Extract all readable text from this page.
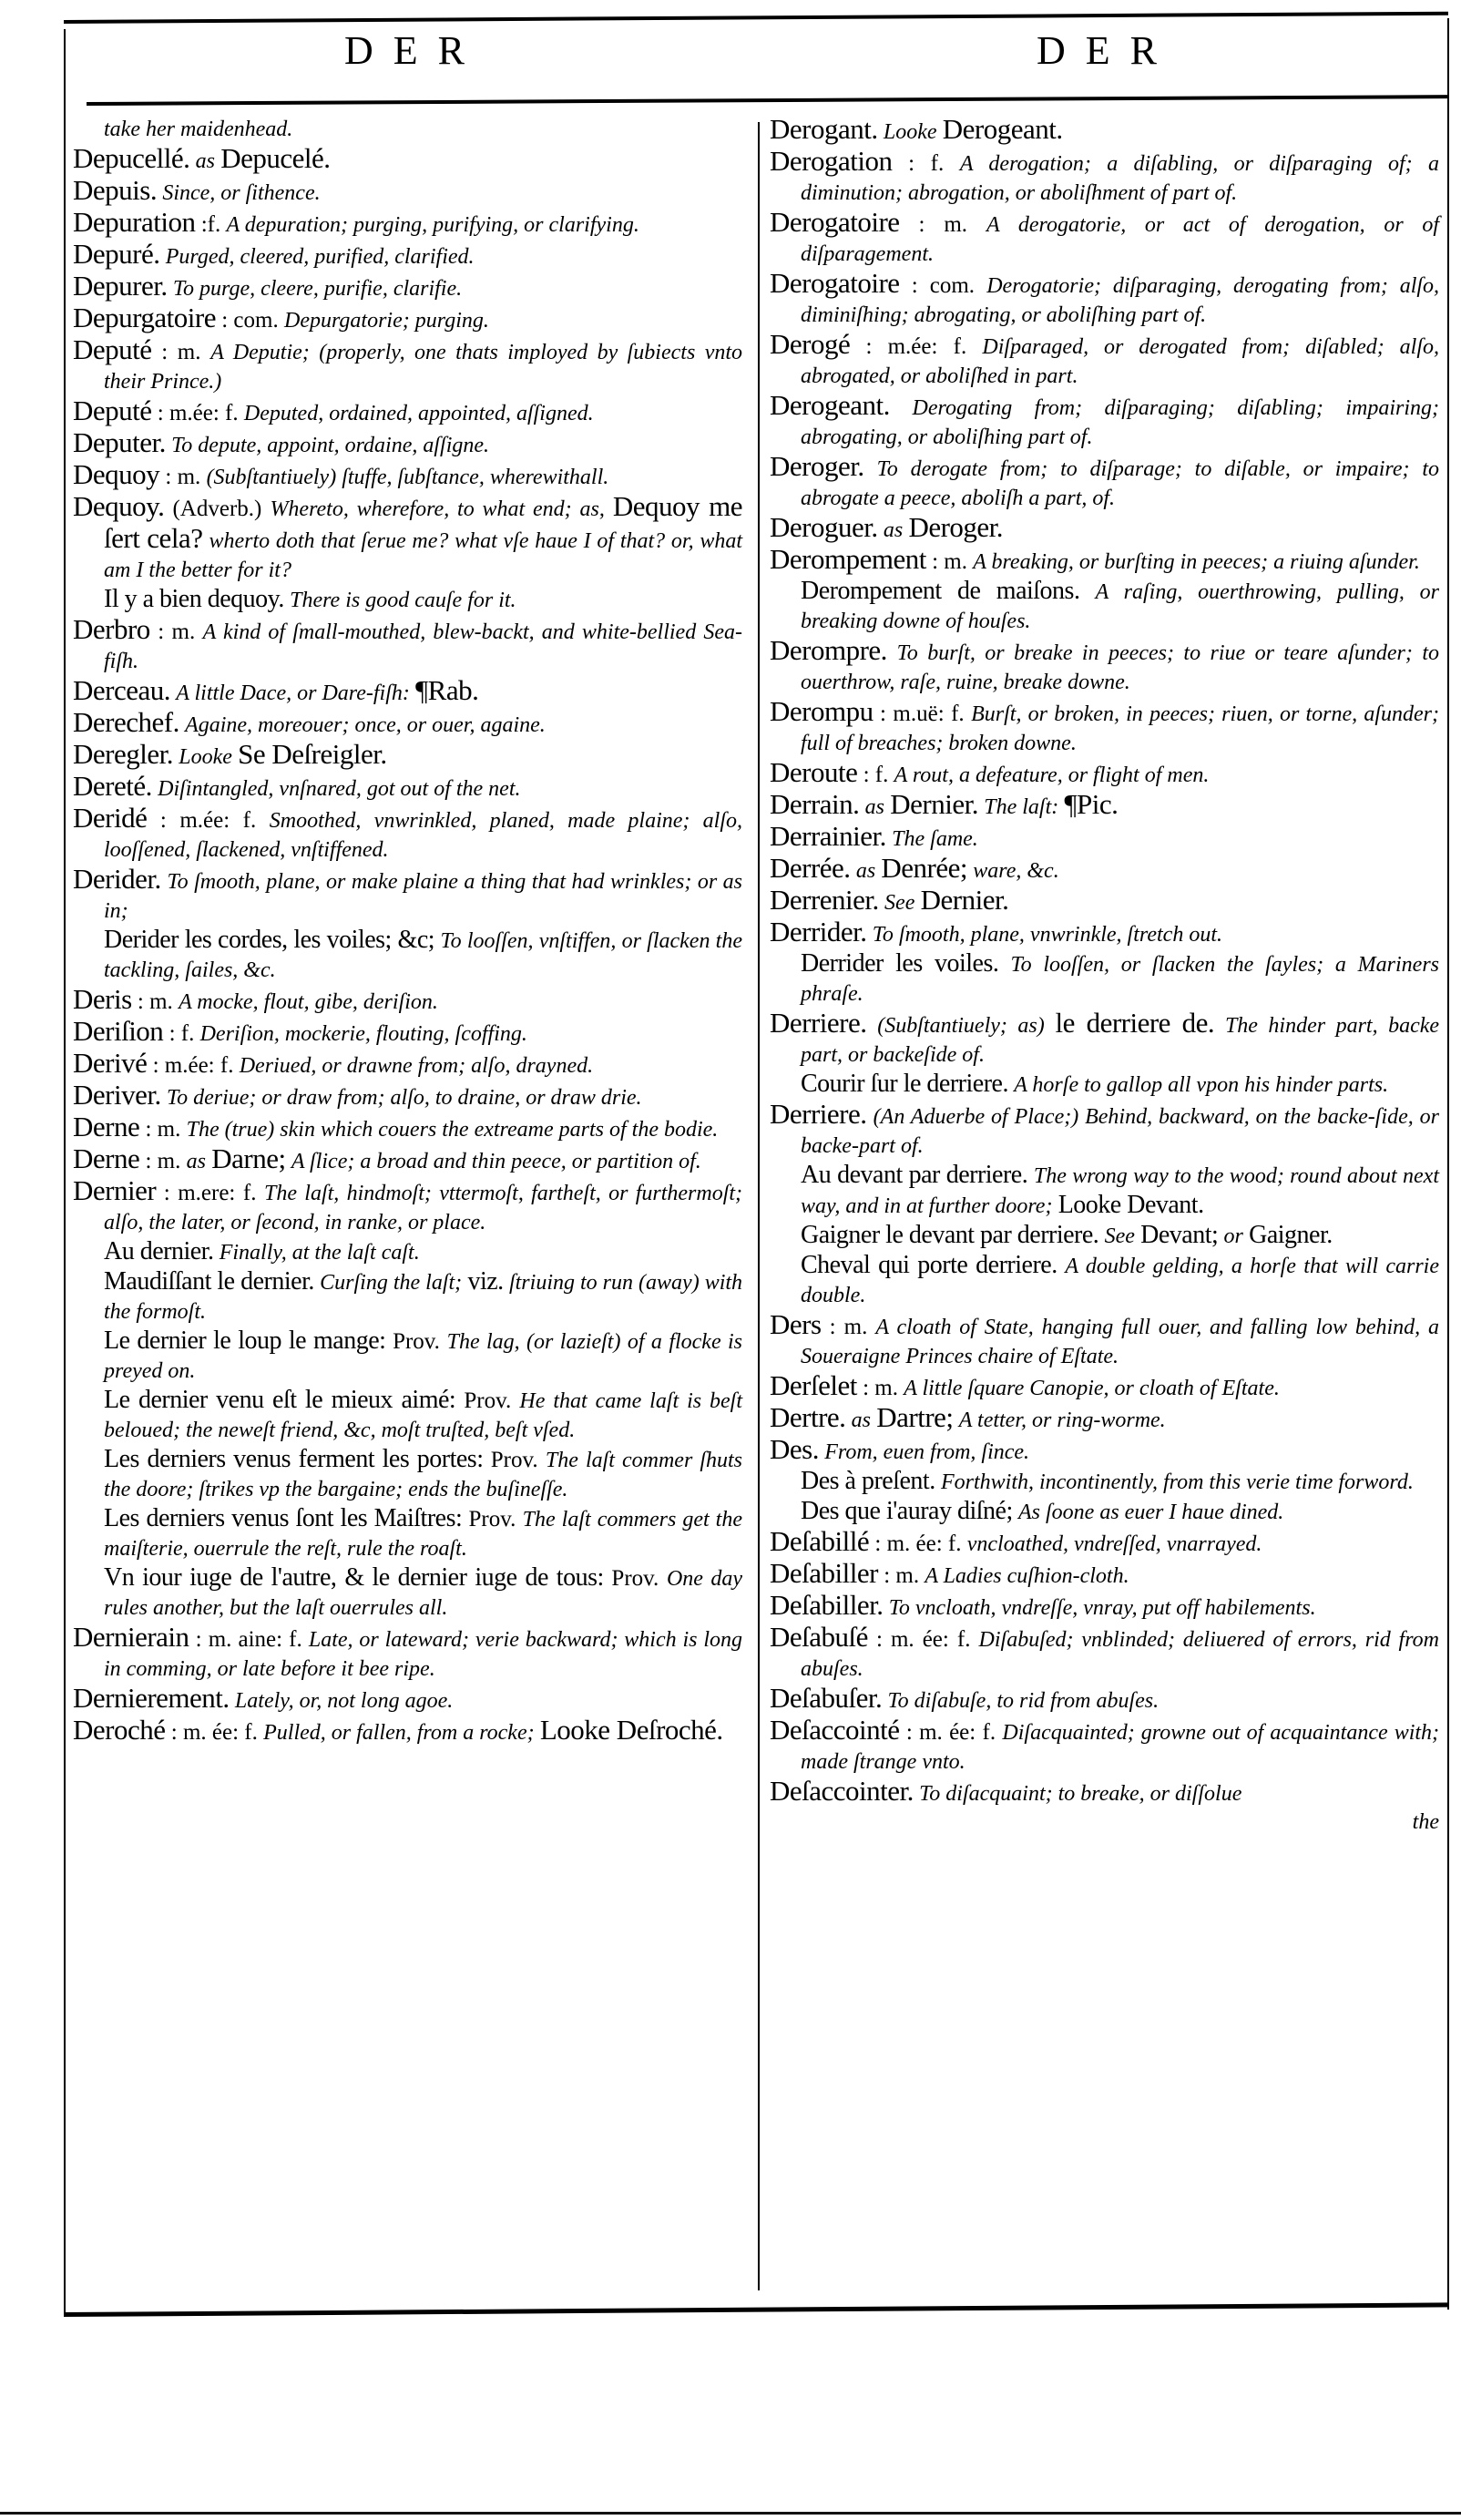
DER	DER

take her maidenhead.

Depucellé. as Depucelé.

Depuis. Since, or ſithence.

Depuration :f. A depuration; purging, purifying, or clarifying.

Depuré. Purged, cleered, purified, clarified.

Depurer. To purge, cleere, purifie, clarifie.

Depurgatoire : com. Depurgatorie; purging.

Deputé : m. A Deputie; (properly, one thats imployed by ſubiects vnto their Prince.)

Deputé : m.ée: f. Deputed, ordained, appointed, aſſigned.

Deputer. To depute, appoint, ordaine, aſſigne.

Dequoy : m. (Subſtantiuely) ſtuffe, ſubſtance, wherewithall.

Dequoy. (Adverb.) Whereto, wherefore, to what end; as, Dequoy me ſert cela? wherto doth that ſerue me? what vſe haue I of that? or, what am I the better for it?

Il y a bien dequoy. There is good cauſe for it.

Derbro : m. A kind of ſmall-mouthed, blew-backt, and white-bellied Sea-fiſh.

Derceau. A little Dace, or Dare-fiſh: ¶Rab.

Derechef. Againe, moreouer; once, or ouer, againe.

Deregler. Looke Se Deſreigler.

Dereté. Diſintangled, vnſnared, got out of the net.

Deridé : m.ée: f. Smoothed, vnwrinkled, planed, made plaine; alſo, looſſened, ſlackened, vnſtiffened.

Derider. To ſmooth, plane, or make plaine a thing that had wrinkles; or as in;

Derider les cordes, les voiles; &c; To looſſen, vnſtiffen, or ſlacken the tackling, ſailes, &c.

Deris : m. A mocke, flout, gibe, deriſion.

Deriſion : f. Deriſion, mockerie, flouting, ſcoffing.

Derivé : m.ée: f. Deriued, or drawne from; alſo, drayned.

Deriver. To deriue; or draw from; alſo, to draine, or draw drie.

Derne : m. The (true) skin which couers the extreame parts of the bodie.

Derne : m. as Darne; A ſlice; a broad and thin peece, or partition of.

Dernier : m.ere: f. The laſt, hindmoſt; vttermoſt, fartheſt, or furthermoſt; alſo, the later, or ſecond, in ranke, or place.

Au dernier. Finally, at the laſt caſt.

Maudiſſant le dernier. Curſing the laſt; viz. ſtriuing to run (away) with the formoſt.

Le dernier le loup le mange: Prov. The lag, (or lazieſt) of a flocke is preyed on.

Le dernier venu eſt le mieux aimé: Prov. He that came laſt is beſt beloued; the neweſt friend, &c, moſt truſted, beſt vſed.

Les derniers venus ferment les portes: Prov. The laſt commer ſhuts the doore; ſtrikes vp the bargaine; ends the buſineſſe.

Les derniers venus ſont les Maiſtres: Prov. The laſt commers get the maiſterie, ouerrule the reſt, rule the roaſt.

Vn iour iuge de l'autre, & le dernier iuge de tous: Prov. One day rules another, but the laſt ouerrules all.

Dernierain : m. aine: f. Late, or lateward; verie backward; which is long in comming, or late before it bee ripe.

Dernierement. Lately, or, not long agoe.

Deroché : m. ée: f. Pulled, or fallen, from a rocke; Looke Deſroché.

Derogant. Looke Derogeant.

Derogation : f. A derogation; a diſabling, or diſparaging of; a diminution; abrogation, or aboliſhment of part of.

Derogatoire : m. A derogatorie, or act of derogation, or of diſparagement.

Derogatoire : com. Derogatorie; diſparaging, derogating from; alſo, diminiſhing; abrogating, or aboliſhing part of.

Derogé : m.ée: f. Diſparaged, or derogated from; diſabled; alſo, abrogated, or aboliſhed in part.

Derogeant. Derogating from; diſparaging; diſabling; impairing; abrogating, or aboliſhing part of.

Deroger. To derogate from; to diſparage; to diſable, or impaire; to abrogate a peece, aboliſh a part, of.

Deroguer. as Deroger.

Derompement : m. A breaking, or burſting in peeces; a riuing aſunder.

Derompement de maiſons. A raſing, ouerthrowing, pulling, or breaking downe of houſes.

Derompre. To burſt, or breake in peeces; to riue or teare aſunder; to ouerthrow, raſe, ruine, breake downe.

Derompu : m.uë: f. Burſt, or broken, in peeces; riuen, or torne, aſunder; full of breaches; broken downe.

Deroute : f. A rout, a defeature, or flight of men.

Derrain. as Dernier. The laſt: ¶Pic.

Derrainier. The ſame.

Derrée. as Denrée; ware, &c.

Derrenier. See Dernier.

Derrider. To ſmooth, plane, vnwrinkle, ſtretch out.

Derrider les voiles. To looſſen, or ſlacken the ſayles; a Mariners phraſe.

Derriere. (Subſtantiuely; as) le derriere de. The hinder part, backe part, or backeſide of.

Courir ſur le derriere. A horſe to gallop all vpon his hinder parts.

Derriere. (An Aduerbe of Place;) Behind, backward, on the backe-ſide, or backe-part of.

Au devant par derriere. The wrong way to the wood; round about next way, and in at further doore; Looke Devant.

Gaigner le devant par derriere. See Devant; or Gaigner.

Cheval qui porte derriere. A double gelding, a horſe that will carrie double.

Ders : m. A cloath of State, hanging full ouer, and falling low behind, a Soueraigne Princes chaire of Eſtate.

Derſelet : m. A little ſquare Canopie, or cloath of Eſtate.

Dertre. as Dartre; A tetter, or ring-worme.

Des. From, euen from, ſince.

Des à preſent. Forthwith, incontinently, from this verie time forword.

Des que i'auray diſné; As ſoone as euer I haue dined.

Deſabillé : m. ée: f. vncloathed, vndreſſed, vnarrayed.

Deſabiller : m. A Ladies cuſhion-cloth.

Deſabiller. To vncloath, vndreſſe, vnray, put off habilements.

Deſabuſé : m. ée: f. Diſabuſed; vnblinded; deliuered of errors, rid from abuſes.

Deſabuſer. To diſabuſe, to rid from abuſes.

Deſaccointé : m. ée: f. Diſacquainted; growne out of acquaintance with; made ſtrange vnto.

Deſaccointer. To diſacquaint; to breake, or diſſolue

the
